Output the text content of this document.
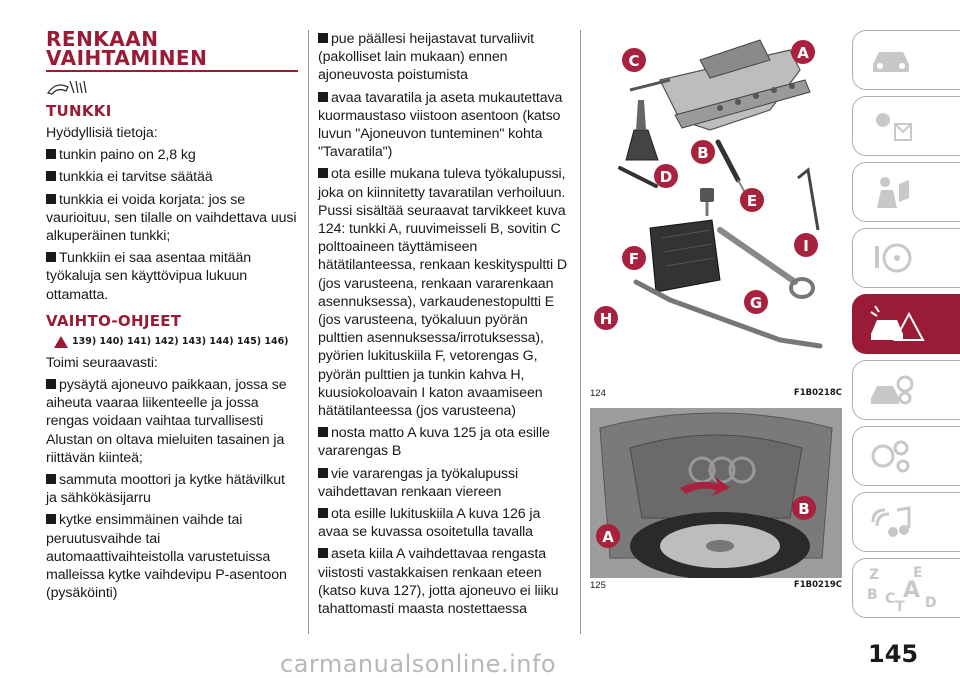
RENKAAN VAIHTAMINEN
TUNKKI

Hyödyllisiä tietoja:

tunkin paino on 2,8 kg

tunkkia ei tarvitse säätää

tunkkia ei voida korjata: jos se vaurioituu, sen tilalle on vaihdettava uusi alkuperäinen tunkki;

Tunkkiin ei saa asentaa mitään työkaluja sen käyttövipua lukuun ottamatta.

VAIHTO-OHJEET
139) 140) 141) 142) 143) 144) 145) 146)

Toimi seuraavasti:

pysäytä ajoneuvo paikkaan, jossa se aiheuta vaaraa liikenteelle ja jossa rengas voidaan vaihtaa turvallisesti Alustan on oltava mieluiten tasainen ja riittävän kiinteä;

sammuta moottori ja kytke hätävilkut ja sähkökäsijarru

kytke ensimmäinen vaihde tai peruutusvaihde tai automaattivaihteistolla varustetuissa malleissa kytke vaihdevipu P-asentoon (pysäköinti)

pue päällesi heijastavat turvaliivit (pakolliset lain mukaan) ennen ajoneuvosta poistumista

avaa tavaratila ja aseta mukautettava kuormaustaso viistoon asentoon (katso luvun "Ajoneuvon tunteminen" kohta "Tavaratila")

ota esille mukana tuleva työkalupussi, joka on kiinnitetty tavaratilan verhoiluun. Pussi sisältää seuraavat tarvikkeet kuva 124: tunkki A, ruuvimeisseli B, sovitin C polttoaineen täyttämiseen hätätilanteessa, renkaan keskityspultti D (jos varusteena, renkaan vararenkaan asennuksessa), varkaudenestopultti E (jos varusteena, työkaluun pyörän pulttien asennuksessa/irrotuksessa), pyörien lukituskiila F, vetorengas G, pyörän pulttien ja tunkin kahva H, kuusiokoloavain I katon avaamiseen hätätilanteessa (jos varusteena)

nosta matto A kuva 125 ja ota esille vararengas B

vie vararengas ja työkalupussi vaihdettavan renkaan viereen

ota esille lukituskiila A kuva 126 ja avaa se kuvassa osoitetulla tavalla

aseta kiila A vaihdettavaa rengasta viistosti vastakkaisen renkaan eteen (katso kuva 127), jotta ajoneuvo ei liiku tahattomasti maasta nostettaessa

A
B
C
D
E
F
G
H
I
124	F1B0218C
A
B
125	F1B0219C
Z E
B A
C T D
145
carmanualsonline.info
